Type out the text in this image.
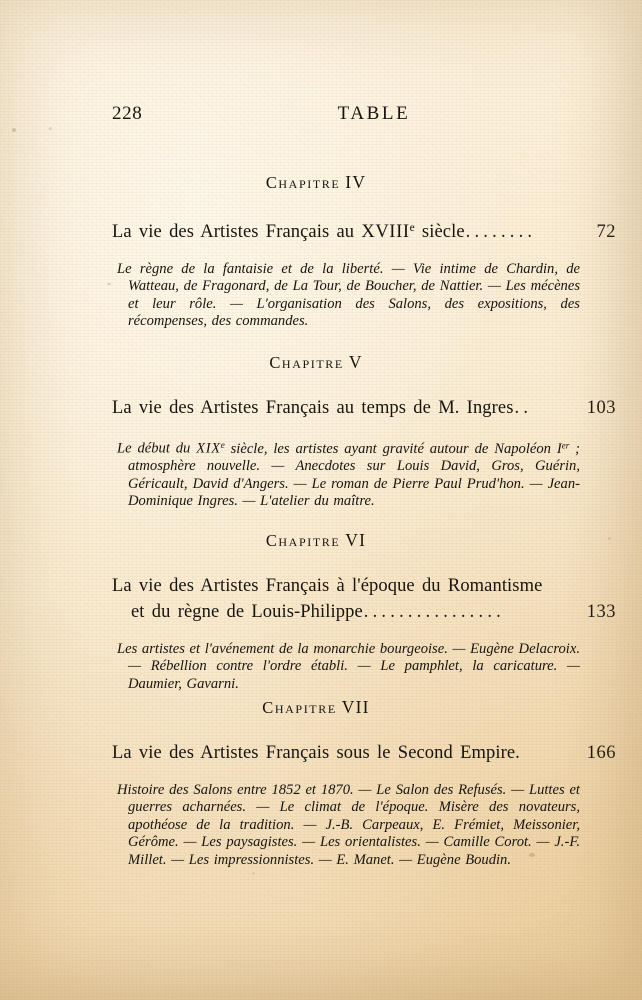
228	TABLE
Chapitre IV
La vie des Artistes Français au XVIIIe siècle ........	72
Le règne de la fantaisie et de la liberté. — Vie intime de Chardin, de Watteau, de Fragonard, de La Tour, de Boucher, de Nattier. — Les mécènes et leur rôle. — L'organisation des Salons, des expositions, des récompenses, des commandes.
Chapitre V
La vie des Artistes Français au temps de M. Ingres ..	103
Le début du XIXe siècle, les artistes ayant gravité autour de Napoléon Ier ; atmosphère nouvelle. — Anecdotes sur Louis David, Gros, Guérin, Géricault, David d'Angers. — Le roman de Pierre Paul Prud'hon. — Jean-Dominique Ingres. — L'atelier du maître.
Chapitre VI
La vie des Artistes Français à l'époque du Romantisme
et du règne de Louis-Philippe ................	133
Les artistes et l'avénement de la monarchie bourgeoise. — Eugène Delacroix. — Rébellion contre l'ordre établi. — Le pamphlet, la caricature. — Daumier, Gavarni.
Chapitre VII
La vie des Artistes Français sous le Second Empire.	166
Histoire des Salons entre 1852 et 1870. — Le Salon des Refusés. — Luttes et guerres acharnées. — Le climat de l'époque. Misère des novateurs, apothéose de la tradition. — J.-B. Carpeaux, E. Frémiet, Meissonier, Gérôme. — Les paysagistes. — Les orientalistes. — Camille Corot. — J.-F. Millet. — Les impressionnistes. — E. Manet. — Eugène Boudin.
